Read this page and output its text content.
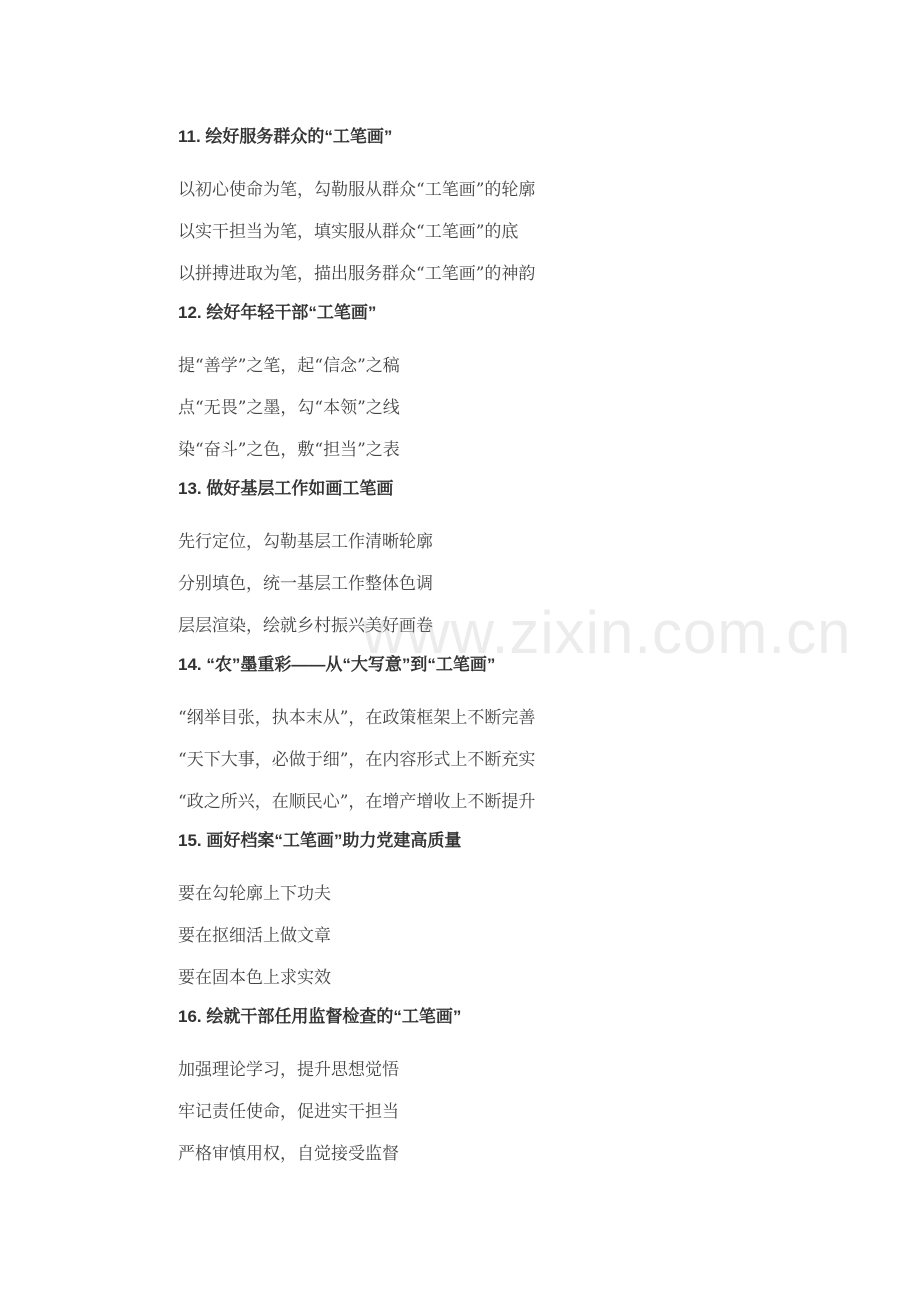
11. 绘好服务群众的“工笔画”
以初心使命为笔，勾勒服从群众“工笔画”的轮廓
以实干担当为笔，填实服从群众“工笔画”的底
以拼搏进取为笔，描出服务群众“工笔画”的神韵
12. 绘好年轻干部“工笔画”
提“善学”之笔，起“信念”之稿
点“无畏”之墨，勾“本领”之线
染“奋斗”之色，敷“担当”之表
13. 做好基层工作如画工笔画
先行定位，勾勒基层工作清晰轮廓
分别填色，统一基层工作整体色调
层层渲染，绘就乡村振兴美好画卷
14. “农”墨重彩——从“大写意”到“工笔画”
“纲举目张，执本末从”，在政策框架上不断完善
“天下大事，必做于细”，在内容形式上不断充实
“政之所兴，在顺民心”，在增产增收上不断提升
15. 画好档案“工笔画”助力党建高质量
要在勾轮廓上下功夫
要在抠细活上做文章
要在固本色上求实效
16. 绘就干部任用监督检查的“工笔画”
加强理论学习，提升思想觉悟
牢记责任使命，促进实干担当
严格审慎用权，自觉接受监督
www.zixin.com.cn
